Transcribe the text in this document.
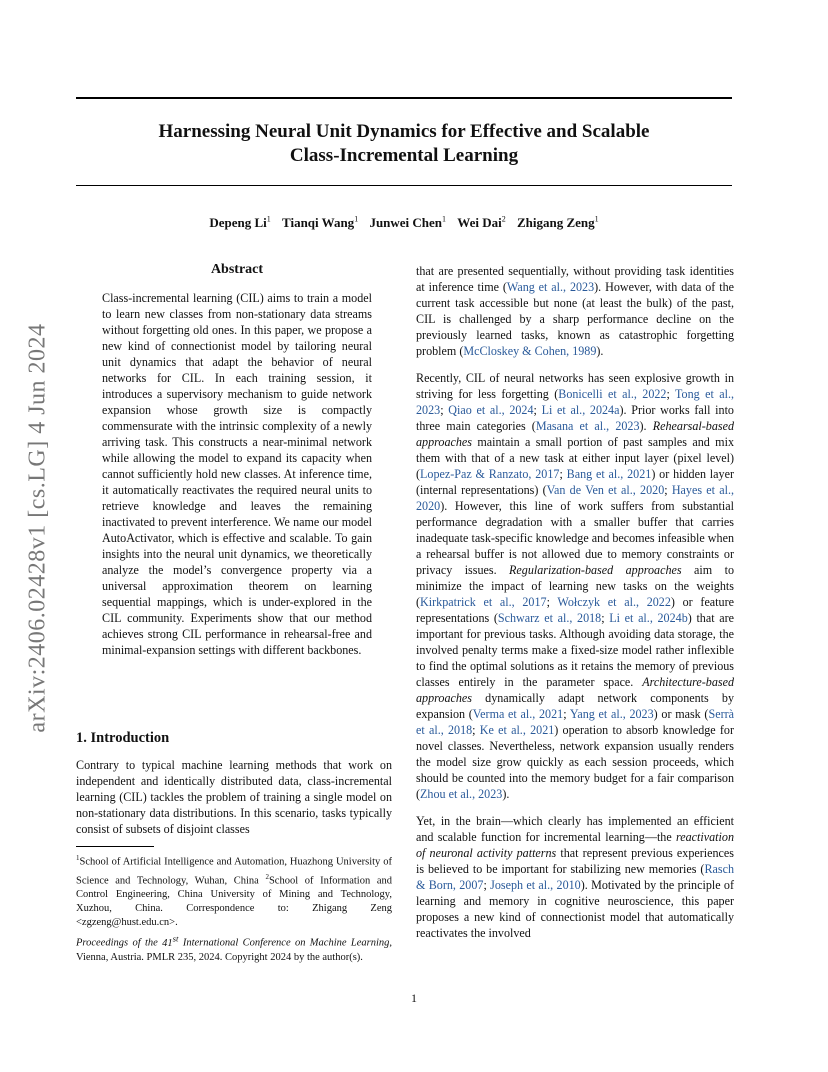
arXiv:2406.02428v1 [cs.LG] 4 Jun 2024
Harnessing Neural Unit Dynamics for Effective and Scalable
Class-Incremental Learning
Depeng Li$^1$ Tianqi Wang$^1$ Junwei Chen$^1$ Wei Dai$^2$ Zhigang Zeng$^1$
Abstract

Class-incremental learning (CIL) aims to train a model to learn new classes from non-stationary data streams without forgetting old ones. In this paper, we propose a new kind of connectionist model by tailoring neural unit dynamics that adapt the behavior of neural networks for CIL. In each training session, it introduces a supervisory mechanism to guide network expansion whose growth size is compactly commensurate with the intrinsic complexity of a newly arriving task. This constructs a near-minimal network while allowing the model to expand its capacity when cannot sufficiently hold new classes. At inference time, it automatically reactivates the required neural units to retrieve knowledge and leaves the remaining inactivated to prevent interference. We name our model AutoActivator, which is effective and scalable. To gain insights into the neural unit dynamics, we theoretically analyze the model’s convergence property via a universal approximation theorem on learning sequential mappings, which is under-explored in the CIL community. Experiments show that our method achieves strong CIL performance in rehearsal-free and minimal-expansion settings with different backbones.

1. Introduction

Contrary to typical machine learning methods that work on independent and identically distributed data, class-incremental learning (CIL) tackles the problem of training a single model on non-stationary data distributions. In this scenario, tasks typically consist of subsets of disjoint classes

$^1$School of Artificial Intelligence and Automation, Huazhong University of Science and Technology, Wuhan, China $^2$School of Information and Control Engineering, China University of Mining and Technology, Xuzhou, China. Correspondence to: Zhigang Zeng <zgzeng@hust.edu.cn>.

Proceedings of the 41st International Conference on Machine Learning, Vienna, Austria. PMLR 235, 2024. Copyright 2024 by the author(s).

that are presented sequentially, without providing task identities at inference time (Wang et al., 2023). However, with data of the current task accessible but none (at least the bulk) of the past, CIL is challenged by a sharp performance decline on the previously learned tasks, known as catastrophic forgetting problem (McCloskey & Cohen, 1989).

Recently, CIL of neural networks has seen explosive growth in striving for less forgetting (Bonicelli et al., 2022; Tong et al., 2023; Qiao et al., 2024; Li et al., 2024a). Prior works fall into three main categories (Masana et al., 2023). Rehearsal-based approaches maintain a small portion of past samples and mix them with that of a new task at either input layer (pixel level) (Lopez-Paz & Ranzato, 2017; Bang et al., 2021) or hidden layer (internal representations) (Van de Ven et al., 2020; Hayes et al., 2020). However, this line of work suffers from substantial performance degradation with a smaller buffer that carries inadequate task-specific knowledge and becomes infeasible when a rehearsal buffer is not allowed due to memory constraints or privacy issues. Regularization-based approaches aim to minimize the impact of learning new tasks on the weights (Kirkpatrick et al., 2017; Wołczyk et al., 2022) or feature representations (Schwarz et al., 2018; Li et al., 2024b) that are important for previous tasks. Although avoiding data storage, the involved penalty terms make a fixed-size model rather inflexible to find the optimal solutions as it retains the memory of previous classes entirely in the parameter space. Architecture-based approaches dynamically adapt network components by expansion (Verma et al., 2021; Yang et al., 2023) or mask (Serrà et al., 2018; Ke et al., 2021) operation to absorb knowledge for novel classes. Nevertheless, network expansion usually renders the model size grow quickly as each session proceeds, which should be counted into the memory budget for a fair comparison (Zhou et al., 2023).

Yet, in the brain—which clearly has implemented an efficient and scalable function for incremental learning—the reactivation of neuronal activity patterns that represent previous experiences is believed to be important for stabilizing new memories (Rasch & Born, 2007; Joseph et al., 2010). Motivated by the principle of learning and memory in cognitive neuroscience, this paper proposes a new kind of connectionist model that automatically reactivates the involved

1
